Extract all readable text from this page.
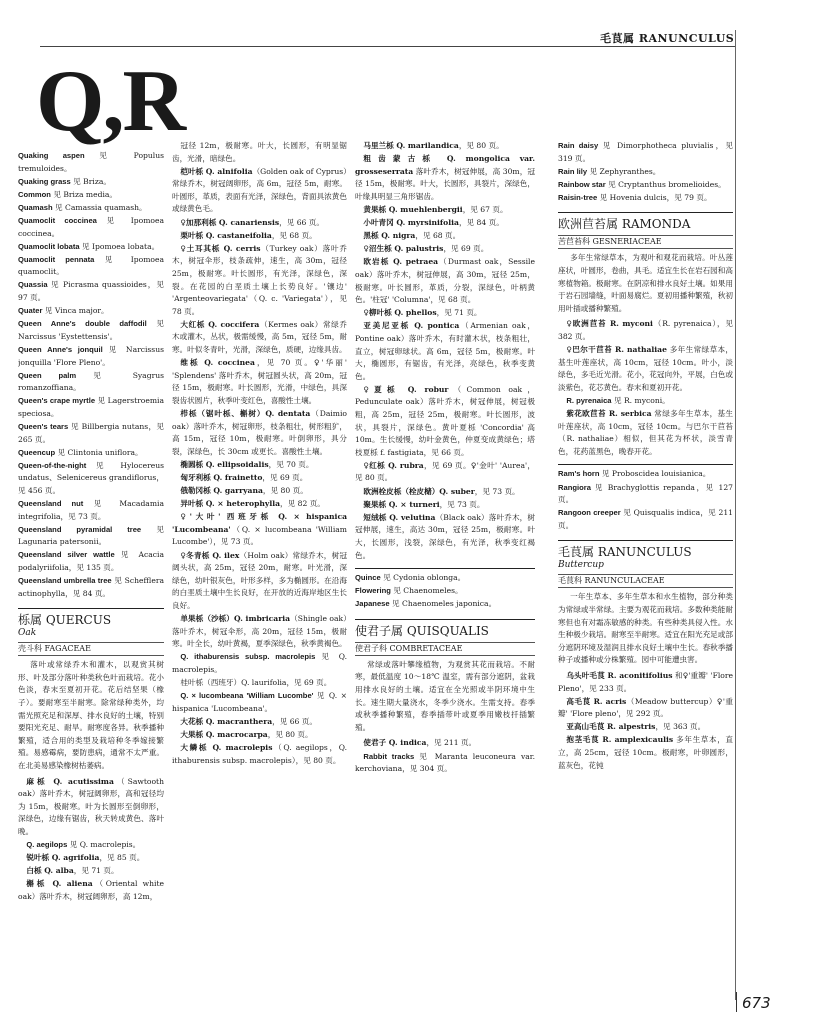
毛茛属 RANUNCULUS
Q,R
Quaking aspen 见 Populus tremuloides。
Quaking grass 见 Briza。
Common 见 Briza media。
Quamash 见 Camassia quamash。
Quamoclit coccinea 见 Ipomoea coccinea。
Quamoclit lobata 见 Ipomoea lobata。
Quamoclit pennata 见 Ipomoea quamoclit。
Quassia 见 Picrasma quassioides，见 97 页。
Quater 见 Vinca major。
Queen Anne's double daffodil 见 Narcissus 'Eystettensis'。
Queen Anne's jonquil 见 Narcissus jonquilla 'Flore Pleno'。
Queen palm 见 Syagrus romanzoffiana。
Queen's crape myrtle 见 Lagerstroemia speciosa。
Queen's tears 见 Billbergia nutans，见 265 页。
Queencup 见 Clintonia uniflora。
Queen-of-the-night 见 Hylocereus undatus、Selenicereus grandiflorus，见 456 页。
Queensland nut 见 Macadamia integrifolia，见 73 页。
Queensland pyramidal tree 见 Lagunaria patersonii。
Queensland silver wattle 见 Acacia podalyriifolia，见 135 页。
Queensland umbrella tree 见 Schefflera actinophylla，见 84 页。
栎属 QUERCUS
Oak
壳斗科 FAGACEAE
落叶或常绿乔木和灌木，以观赏其树形、叶及部分落叶种类秋色叶而栽培。花小色淡，春末至夏初开花。花后结坚果（橡子）。要耐寒至半耐寒。除常绿种类外，均需光照充足和深厚、排水良好的土壤，特别要阳光充足、耐旱。耐寒度各异。秋季播种繁殖，适合用的类型及栽培种冬季嫁接繁殖。易感霉病，要防患病，通常不太严重。在北美易感染橡树枯萎病。
麻栎 Q. acutissima（Sawtooth oak）落叶乔木，树冠阔卵形，高和冠径均为 15m，极耐寒。叶为长圆形至倒卵形，深绿色，边缘有锯齿，秋天转成黄色、落叶晚。
Q. aegilops 见 Q. macrolepis。
锐叶栎 Q. agrifolia，见 85 页。
白栎 Q. alba，见 71 页。
槲栎 Q. aliena（Oriental white oak）落叶乔木，树冠阔卵形，高 12m，
冠径 12m，极耐寒。叶大，长圆形，有明显锯齿，光滑，暗绿色。
桤叶栎 Q. alnifolia（Golden oak of Cyprus）常绿乔木，树冠阔卵形，高 6m，冠径 5m，耐寒。叶圆形，革质，表面有光泽，深绿色，背面具浓黄色或绿黄色毛。
♀加那利栎 Q. canariensis，见 66 页。
栗叶栎 Q. castaneifolia，见 68 页。
♀土耳其栎 Q. cerris（Turkey oak）落叶乔木，树冠伞形，枝条疏伸，速生，高 30m，冠径 25m，极耐寒。叶长圆形，有光泽，深绿色，深裂。在花园的白垩质土壤上长势良好。'镶边' 'Argenteovariegata'（Q. c. 'Variegata'），见 78 页。
大红栎 Q. coccifera（Kermes oak）常绿乔木或灌木，丛状，极需缓慢，高 5m，冠径 5m，耐寒。叶似冬青叶，光滑，深绿色，质硬，边缘具齿。
维栎 Q. coccinea，见 70 页。♀'华丽' 'Splendens' 落叶乔木，树冠圆头状，高 20m，冠径 15m，极耐寒。叶长圆形，光滑，中绿色，具深裂齿状圆片，秋季叶变红色，喜酸性土壤。
栉栎（锯叶栎、槲树）Q. dentata（Daimio oak）落叶乔木，树冠卵形，枝条粗壮，树形粗犷，高 15m，冠径 10m，极耐寒。叶倒卵形，具分裂，深绿色，长 30cm 或更长。喜酸性土壤。
椭圆栎 Q. ellipsoidalis，见 70 页。
匈牙利栎 Q. frainetto，见 69 页。
俄勒冈栎 Q. garryana，见 80 页。
异叶栎 Q. × heterophylla，见 82 页。
♀'大叶' 西班牙栎 Q. × hispanica 'Lucombeana'（Q. × lucombeana 'William Lucombe'），见 73 页。
♀冬青栎 Q. ilex（Holm oak）常绿乔木，树冠阔头状，高 25m，冠径 20m，耐寒。叶光滑，深绿色，幼叶银灰色，叶形多样，多为椭圆形。在沿海的白垩质土壤中生长良好，在开放的近海岸地区生长良好。
单果栎（沙栎）Q. imbricaria（Shingle oak）落叶乔木，树冠伞形，高 20m，冠径 15m，极耐寒。叶全长，幼叶黄褐，夏季深绿色，秋季黄褐色。
Q. ithaburensis subsp. macrolepis 见 Q. macrolepis。
桂叶栎（西班牙）Q. laurifolia，见 69 页。
Q. × lucombeana 'William Lucombe' 见 Q. × hispanica 'Lucombeana'。
大花栎 Q. macranthera，见 66 页。
大果栎 Q. macrocarpa，见 80 页。
大鳞栎 Q. macrolepis（Q. aegilops，Q. ithaburensis subsp. macrolepis），见 80 页。
马里兰栎 Q. marilandica，见 80 页。
粗齿蒙古栎 Q. mongolica var. grosseserrata 落叶乔木，树冠伸展，高 30m，冠径 15m，极耐寒。叶大，长圆形，具裂片，深绿色，叶缘具明显三角形锯齿。
黄果栎 Q. muehlenbergii，见 67 页。
小叶青冈 Q. myrsinifolia，见 84 页。
黑栎 Q. nigra，见 68 页。
♀沼生栎 Q. palustris，见 69 页。
欧岩栎 Q. petraea（Durmast oak，Sessile oak）落叶乔木，树冠伸展，高 30m，冠径 25m，极耐寒。叶长圆形，革质，分裂，深绿色，叶柄黄色。'柱冠' 'Columna'，见 68 页。
♀柳叶栎 Q. phellos，见 71 页。
亚美尼亚栎 Q. pontica（Armenian oak，Pontine oak）落叶乔木，有时灌木状，枝条粗壮，直立，树冠卵球状。高 6m，冠径 5m，极耐寒。叶大，椭圆形，有锯齿，有光泽，亮绿色，秋季变黄色。
♀夏栎 Q. robur（Common oak，Pedunculate oak）落叶乔木，树冠伸展，树冠极粗，高 25m，冠径 25m，极耐寒。叶长圆形，波状，具裂片，深绿色。黄叶夏栎 'Concordia' 高 10m。生长缓慢，幼叶金黄色，仲夏变成黄绿色；塔枝夏栎 f. fastigiata，见 66 页。
♀红栎 Q. rubra，见 69 页。♀'金叶' 'Aurea'，见 80 页。
欧洲栓皮栎（栓皮槠）Q. suber，见 73 页。
聚果栎 Q. × turneri，见 73 页。
短绒栎 Q. velutina（Black oak）落叶乔木，树冠伸展，速生，高达 30m，冠径 25m，极耐寒。叶大，长圆形，浅裂，深绿色，有光泽，秋季变红褐色。
Quince 见 Cydonia oblonga。
Flowering 见 Chaenomeles。
Japanese 见 Chaenomeles japonica。
使君子属 QUISQUALIS
使君子科 COMBRETACEAE
常绿或落叶攀缘植物，为观赏其花而栽培。不耐寒，最低温度 10～18℃ 温室，需有部分遮阴，盆栽用排水良好的土壤。适宜在全光照或半阴环境中生长。速生期大量浇水，冬季少浇水。生需支持。春季或秋季播种繁殖，春季插带叶或夏季用嫩枝扦插繁殖。
使君子 Q. indica，见 211 页。
Rabbit tracks 见 Maranta leuconeura var. kerchoviana，见 304 页。
Rain daisy 见 Dimorphotheca pluvialis，见 319 页。
Rain lily 见 Zephyranthes。
Rainbow star 见 Cryptanthus bromelioides。
Raisin-tree 见 Hovenia dulcis，见 79 页。
欧洲苣苔属 RAMONDA
苦苣苔科 GESNERIACEAE
多年生常绿草本，为观叶和观花而栽培。叶丛莲座状，叶圆形，卷曲，具毛。适宜生长在岩石园和高寒植物箱。极耐寒。在阴凉和排水良好土壤。如果用于岩石园墙缝，叶面易腐烂。夏初用播种繁殖，秋初用叶插或播种繁殖。
♀欧洲苣苔 R. myconi（R. pyrenaica），见 382 页。
♀巴尔干苣苔 R. nathaliae 多年生常绿草本，基生叶莲座状，高 10cm，冠径 10cm。叶小，淡绿色，多毛近光滑。花小，花冠向外，平展，白色或淡紫色，花芯黄色。春末和夏初开花。
R. pyrenaica 见 R. myconi。
紫花欧苣苔 R. serbica 常绿多年生草本，基生叶莲座状，高 10cm，冠径 10cm。与巴尔干苣苔（R. nathaliae）相似，但其花为杯状，淡雪青色，花药蓝黑色，晚春开花。
Ram's horn 见 Proboscidea louisianica。
Rangiora 见 Brachyglottis repanda，见 127 页。
Rangoon creeper 见 Quisqualis indica，见 211 页。
毛茛属 RANUNCULUS
Buttercup
毛茛科 RANUNCULACEAE
一年生草本、多年生草本和水生植物，部分种类为常绿或半常绿。主要为观花而栽培。多数种类能耐寒但也有对霜冻敏感的种类。有些种类具侵入性。水生种极少栽培。耐寒至半耐寒。适宜在阳光充足或部分遮阴环境及湿润且排水良好土壤中生长。春秋季播种子或播种或分株繁殖。园中可能遭虫害。
乌头叶毛茛 R. aconitifolius 和♀'重瓣' 'Flore Pleno'，见 233 页。
高毛茛 R. acris（Meadow buttercup）♀'重瓣' 'Flore pleno'，见 292 页。
亚高山毛茛 R. alpestris，见 363 页。
抱茎毛茛 R. amplexicaulis 多年生草本，直立，高 25cm，冠径 10cm。极耐寒，叶卵圆形，蓝灰色，花钝
673
